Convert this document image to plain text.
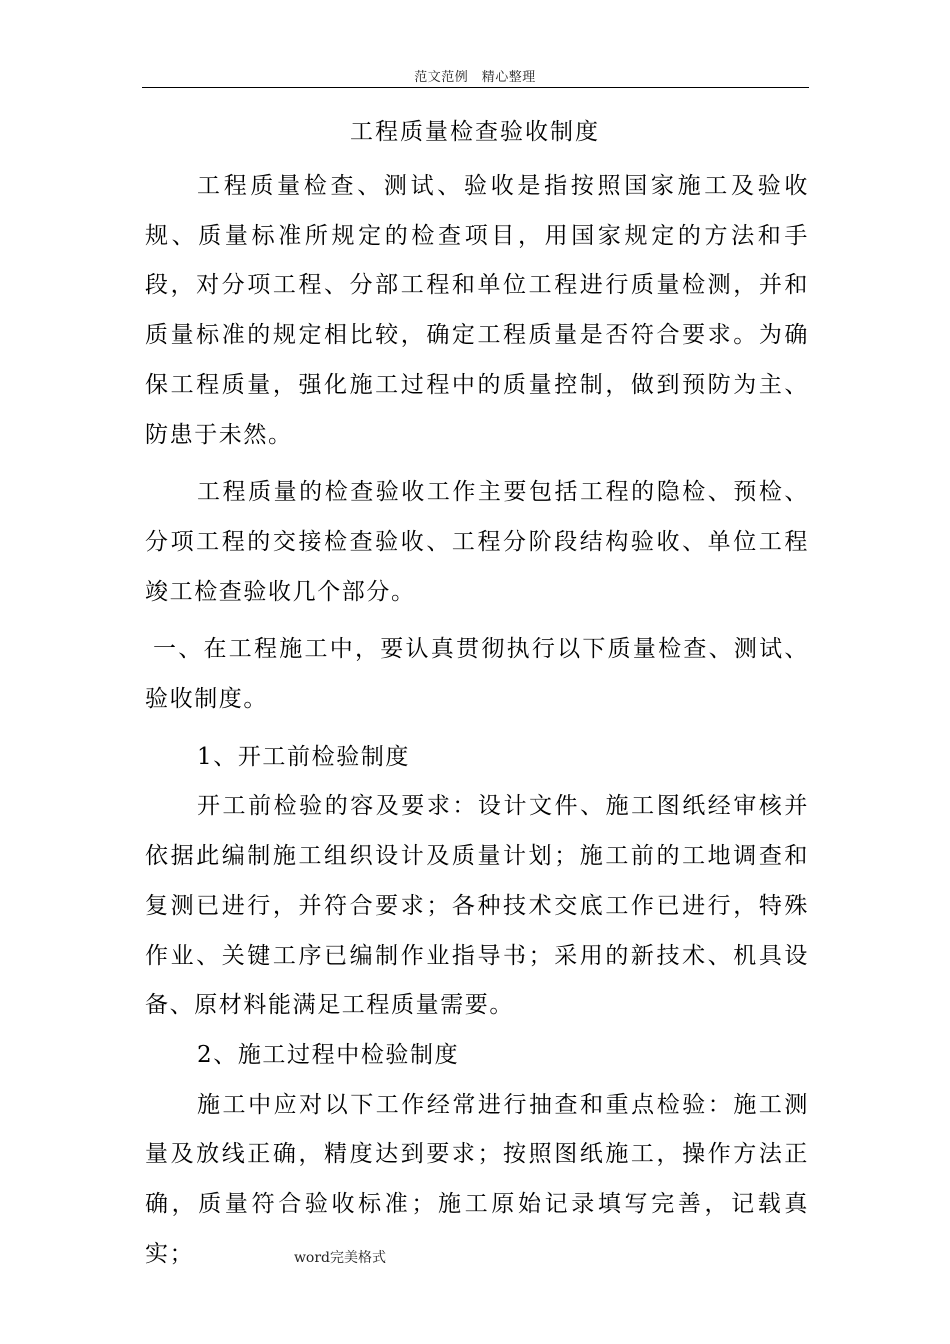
范文范例　精心整理
工程质量检查验收制度

工程质量检查、测试、验收是指按照国家施工及验收规、质量标准所规定的检查项目，用国家规定的方法和手段，对分项工程、分部工程和单位工程进行质量检测，并和质量标准的规定相比较，确定工程质量是否符合要求。为确保工程质量，强化施工过程中的质量控制，做到预防为主、防患于未然。

工程质量的检查验收工作主要包括工程的隐检、预检、分项工程的交接检查验收、工程分阶段结构验收、单位工程竣工检查验收几个部分。

一、在工程施工中，要认真贯彻执行以下质量检查、测试、验收制度。

1、开工前检验制度

开工前检验的容及要求：设计文件、施工图纸经审核并依据此编制施工组织设计及质量计划；施工前的工地调查和复测已进行，并符合要求；各种技术交底工作已进行，特殊作业、关键工序已编制作业指导书；采用的新技术、机具设备、原材料能满足工程质量需要。

2、施工过程中检验制度

施工中应对以下工作经常进行抽查和重点检验：施工测量及放线正确，精度达到要求；按照图纸施工，操作方法正确，质量符合验收标准；施工原始记录填写完善，记载真实；	word完美格式
